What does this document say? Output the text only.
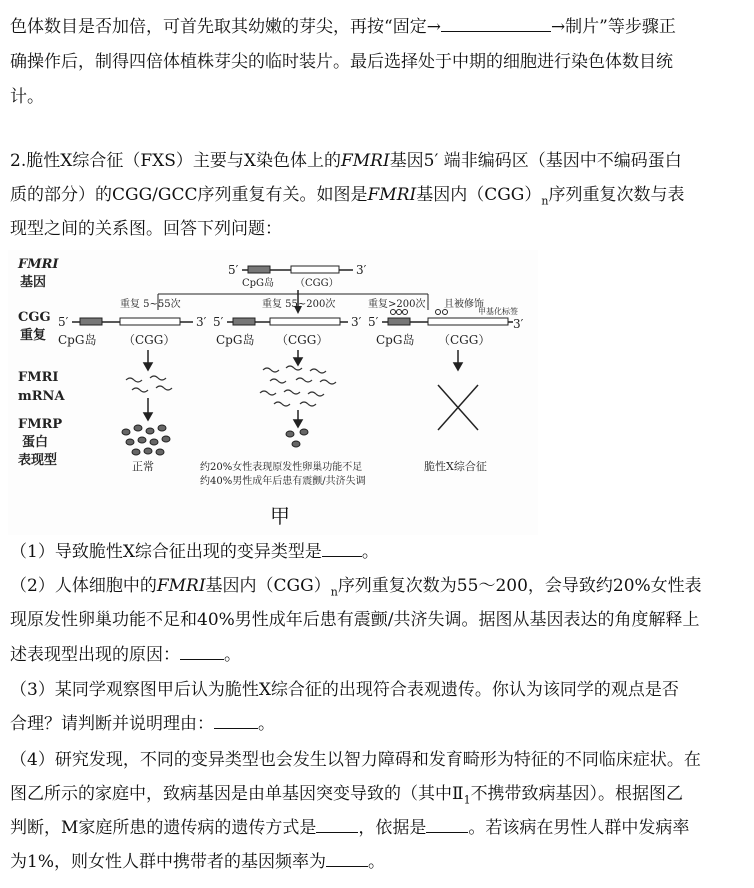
色体数目是否加倍，可首先取其幼嫩的芽尖，再按“固定→	→制片”等步骤正
确操作后，制得四倍体植株芽尖的临时装片。最后选择处于中期的细胞进行染色体数目统
计。
2.脆性X综合征（FXS）主要与X染色体上的FMRI基因5′ 端非编码区（基因中不编码蛋白
质的部分）的CGG/GCC序列重复有关。如图是FMRI基因内$(CGG)_n$序列重复次数与表
现型之间的关系图。回答下列问题：
FMRI
基因
CGG
重复
FMRI
mRNA
FMRP
蛋白
表现型
5′	3′
CpG岛 （CGG）
重复 5~55次	重复 55~200次	重复>200次 且被修饰
甲基化标签
5′	3′
CpG岛 （CGG）
5′	3′
CpG岛 （CGG）
5′	3′
CpG岛 （CGG）
正常	约20%女性表现原发性卵巢功能不足
约40%男性成年后患有震颤/共济失调
脆性X综合征
甲
（1）导致脆性X综合征出现的变异类型是 。
（2）人体细胞中的FMRI基因内$(CGG)_n$序列重复次数为55～200，会导致约20%女性表
现原发性卵巢功能不足和40%男性成年后患有震颤/共济失调。据图从基因表达的角度解释上
述表现型出现的原因：	。
（3）某同学观察图甲后认为脆性X综合征的出现符合表观遗传。你认为该同学的观点是否
合理？请判断并说明理由：	。
（4）研究发现，不同的变异类型也会发生以智力障碍和发育畸形为特征的不同临床症状。在
图乙所示的家庭中，致病基因是由单基因突变导致的（其中$Ⅱ_1$不携带致病基因）。根据图乙
判断，M家庭所患的遗传病的遗传方式是 ，依据是 。若该病在男性人群中发病率
为1%，则女性人群中携带者的基因频率为 。
